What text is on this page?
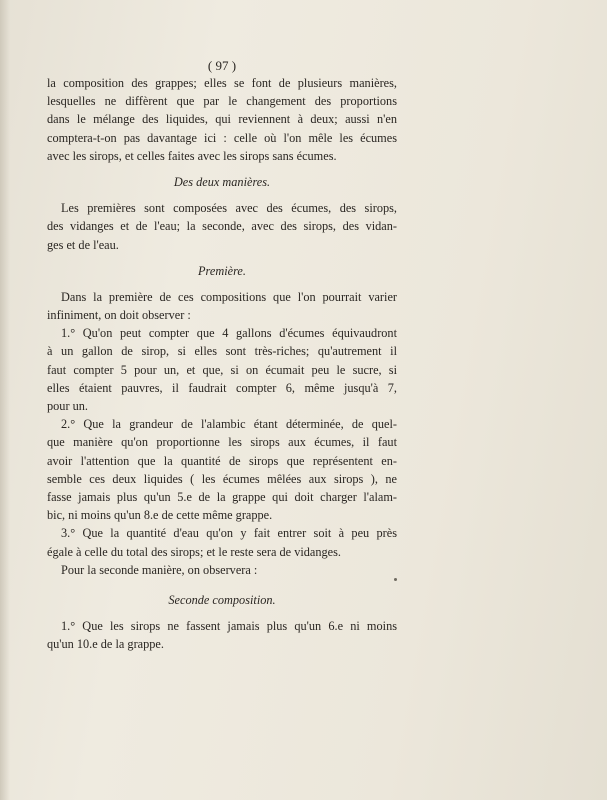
( 97 )
la composition des grappes; elles se font de plusieurs manières,
lesquelles ne diffèrent que par le changement des proportions
dans le mélange des liquides, qui reviennent à deux; aussi n'en
comptera-t-on pas davantage ici : celle où l'on mêle les écumes
avec les sirops, et celles faites avec les sirops sans écumes.
Des deux manières.
Les premières sont composées avec des écumes, des sirops,
des vidanges et de l'eau; la seconde, avec des sirops, des vidan-
ges et de l'eau.
Première.
Dans la première de ces compositions que l'on pourrait varier
infiniment, on doit observer :
1.° Qu'on peut compter que 4 gallons d'écumes équivaudront
à un gallon de sirop, si elles sont très-riches; qu'autrement il
faut compter 5 pour un, et que, si on écumait peu le sucre, si
elles étaient pauvres, il faudrait compter 6, même jusqu'à 7,
pour un.
2.° Que la grandeur de l'alambic étant déterminée, de quel-
que manière qu'on proportionne les sirops aux écumes, il faut
avoir l'attention que la quantité de sirops que représentent en-
semble ces deux liquides ( les écumes mêlées aux sirops ), ne
fasse jamais plus qu'un 5.e de la grappe qui doit charger l'alam-
bic, ni moins qu'un 8.e de cette même grappe.
3.° Que la quantité d'eau qu'on y fait entrer soit à peu près
égale à celle du total des sirops; et le reste sera de vidanges.
Pour la seconde manière, on observera :
Seconde composition.
1.° Que les sirops ne fassent jamais plus qu'un 6.e ni moins
qu'un 10.e de la grappe.
